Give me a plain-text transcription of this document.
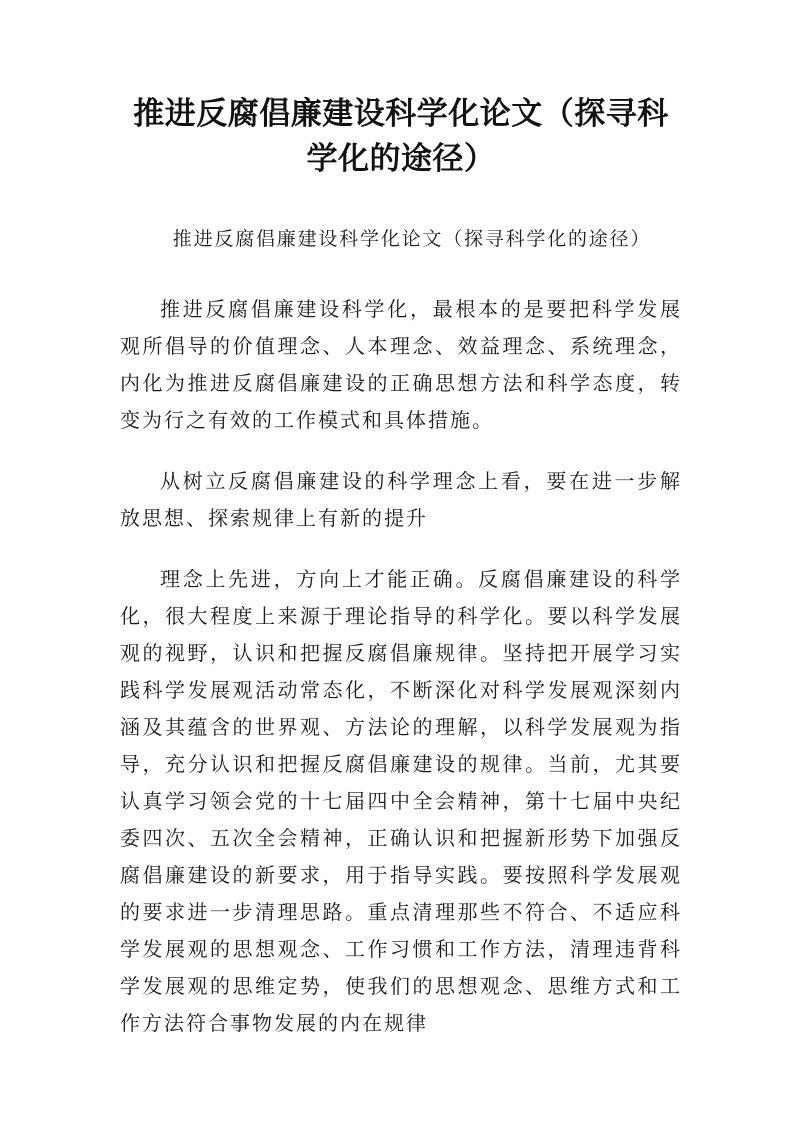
推进反腐倡廉建设科学化论文（探寻科学化的途径）

推进反腐倡廉建设科学化论文（探寻科学化的途径）

推进反腐倡廉建设科学化，最根本的是要把科学发展观所倡导的价值理念、人本理念、效益理念、系统理念，内化为推进反腐倡廉建设的正确思想方法和科学态度，转变为行之有效的工作模式和具体措施。

从树立反腐倡廉建设的科学理念上看，要在进一步解放思想、探索规律上有新的提升

理念上先进，方向上才能正确。反腐倡廉建设的科学化，很大程度上来源于理论指导的科学化。要以科学发展观的视野，认识和把握反腐倡廉规律。坚持把开展学习实践科学发展观活动常态化，不断深化对科学发展观深刻内涵及其蕴含的世界观、方法论的理解，以科学发展观为指导，充分认识和把握反腐倡廉建设的规律。当前，尤其要认真学习领会党的十七届四中全会精神，第十七届中央纪委四次、五次全会精神，正确认识和把握新形势下加强反腐倡廉建设的新要求，用于指导实践。要按照科学发展观的要求进一步清理思路。重点清理那些不符合、不适应科学发展观的思想观念、工作习惯和工作方法，清理违背科学发展观的思维定势，使我们的思想观念、思维方式和工作方法符合事物发展的内在规律
